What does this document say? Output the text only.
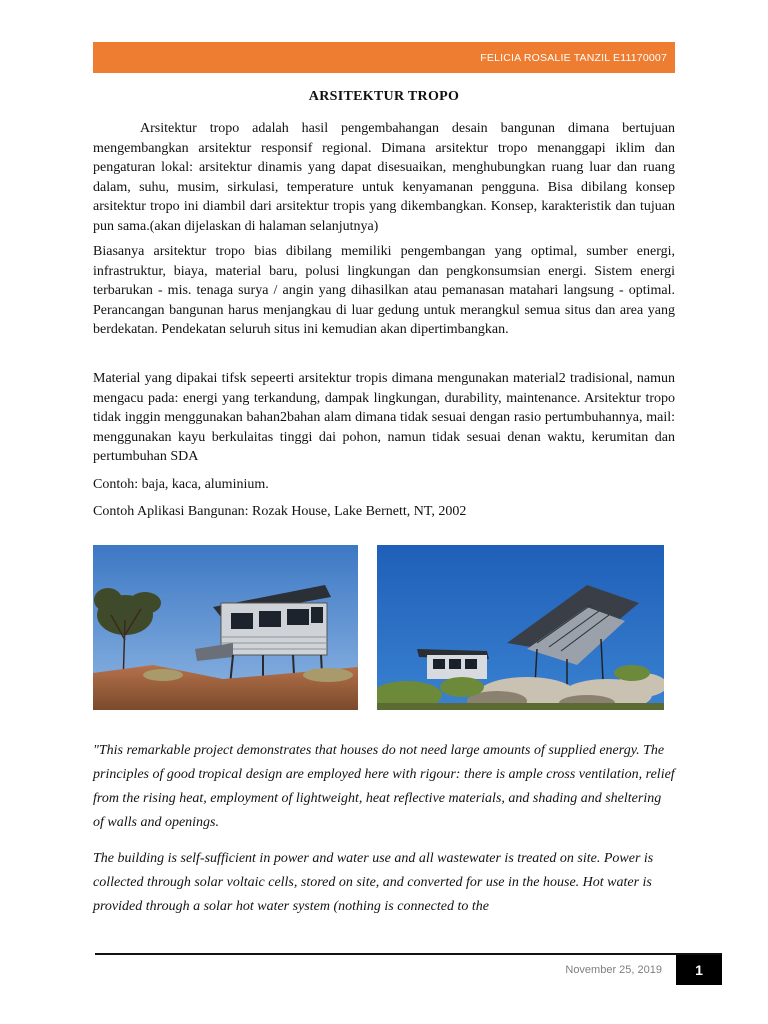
FELICIA ROSALIE TANZIL E11170007
ARSITEKTUR TROPO

Arsitektur tropo adalah hasil pengembahangan desain bangunan dimana bertujuan mengembangkan arsitektur responsif regional. Dimana arsitektur tropo menanggapi iklim dan pengaturan lokal: arsitektur dinamis yang dapat disesuaikan, menghubungkan ruang luar dan ruang dalam, suhu, musim, sirkulasi, temperature untuk kenyamanan pengguna. Bisa dibilang konsep arsitektur tropo ini diambil dari arsitektur tropis yang dikembangkan. Konsep, karakteristik dan tujuan pun sama.(akan dijelaskan di halaman selanjutnya)

Biasanya arsitektur tropo bias dibilang memiliki pengembangan yang optimal, sumber energi, infrastruktur, biaya, material baru, polusi lingkungan dan pengkonsumsian energi. Sistem energi terbarukan - mis. tenaga surya / angin yang dihasilkan atau pemanasan matahari langsung - optimal. Perancangan bangunan harus menjangkau di luar gedung untuk merangkul semua situs dan area yang berdekatan. Pendekatan seluruh situs ini kemudian akan dipertimbangkan.

Material yang dipakai tifsk sepeerti arsitektur tropis dimana mengunakan material2 tradisional, namun mengacu pada: energi yang terkandung, dampak lingkungan, durability, maintenance. Arsitektur tropo tidak inggin menggunakan bahan2bahan alam dimana tidak sesuai dengan rasio pertumbuhannya, mail: menggunakan kayu berkulaitas tinggi dai pohon, namun tidak sesuai denan waktu, kerumitan dan pertumbuhan SDA

Contoh: baja, kaca, aluminium.

Contoh Aplikasi Bangunan: Rozak House, Lake Bernett, NT, 2002

"This remarkable project demonstrates that houses do not need large amounts of supplied energy. The principles of good tropical design are employed here with rigour: there is ample cross ventilation, relief from the rising heat, employment of lightweight, heat reflective materials, and shading and sheltering of walls and openings.

The building is self-sufficient in power and water use and all wastewater is treated on site. Power is collected through solar voltaic cells, stored on site, and converted for use in the house. Hot water is provided through a solar hot water system (nothing is connected to the

November 25, 2019	1
